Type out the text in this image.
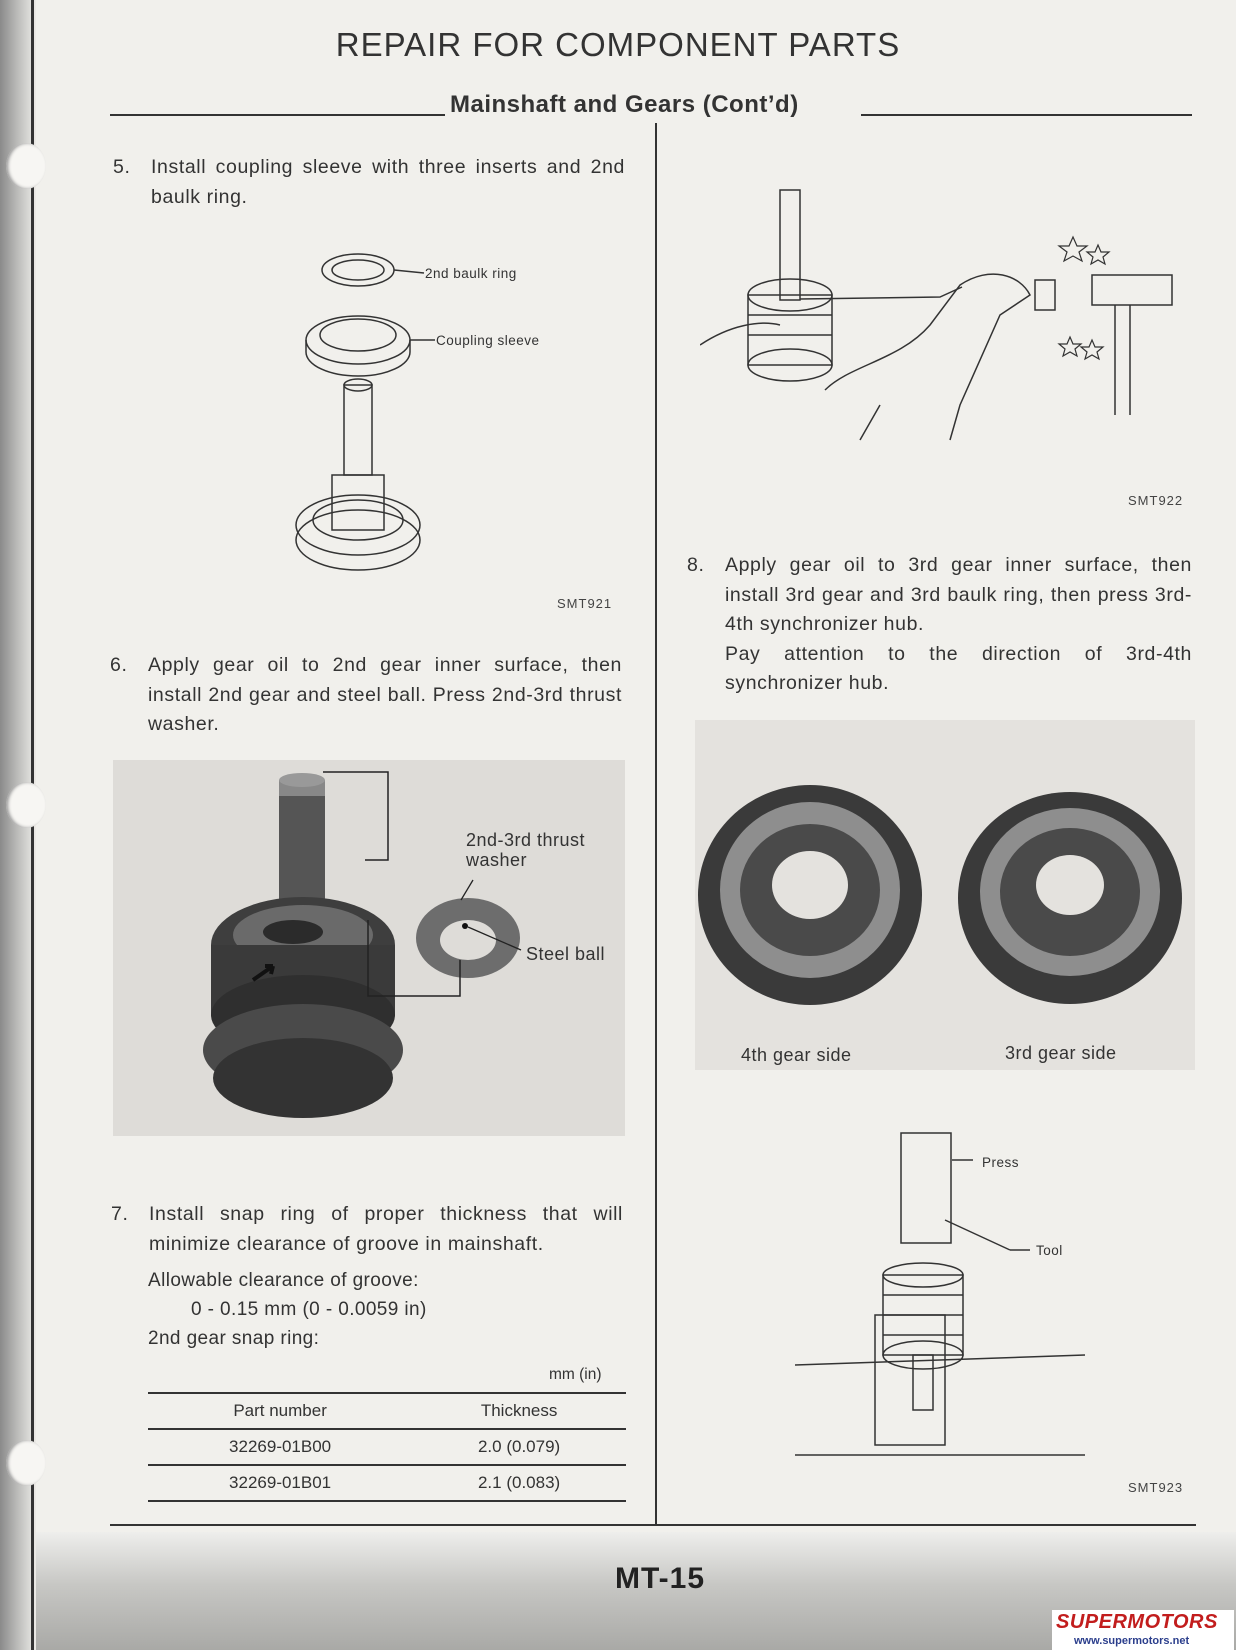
REPAIR FOR COMPONENT PARTS
Mainshaft and Gears (Cont’d)
5. Install coupling sleeve with three inserts and 2nd baulk ring.
2nd baulk ring
Coupling sleeve
SMT921
6. Apply gear oil to 2nd gear inner surface, then install 2nd gear and steel ball. Press 2nd-3rd thrust washer.
2nd-3rd thrust washer
Steel ball
7. Install snap ring of proper thickness that will minimize clearance of groove in mainshaft.
Allowable clearance of groove:
0 - 0.15 mm (0 - 0.0059 in)
2nd gear snap ring:
mm (in)
Part number	Thickness
32269-01B00	2.0 (0.079)
32269-01B01	2.1 (0.083)
SMT922
8. Apply gear oil to 3rd gear inner surface, then install 3rd gear and 3rd baulk ring, then press 3rd-4th synchronizer hub.
Pay attention to the direction of 3rd-4th synchronizer hub.
4th gear side	3rd gear side
Press
Tool
SMT923
MT-15
SUPERMOTORS
www.supermotors.net
